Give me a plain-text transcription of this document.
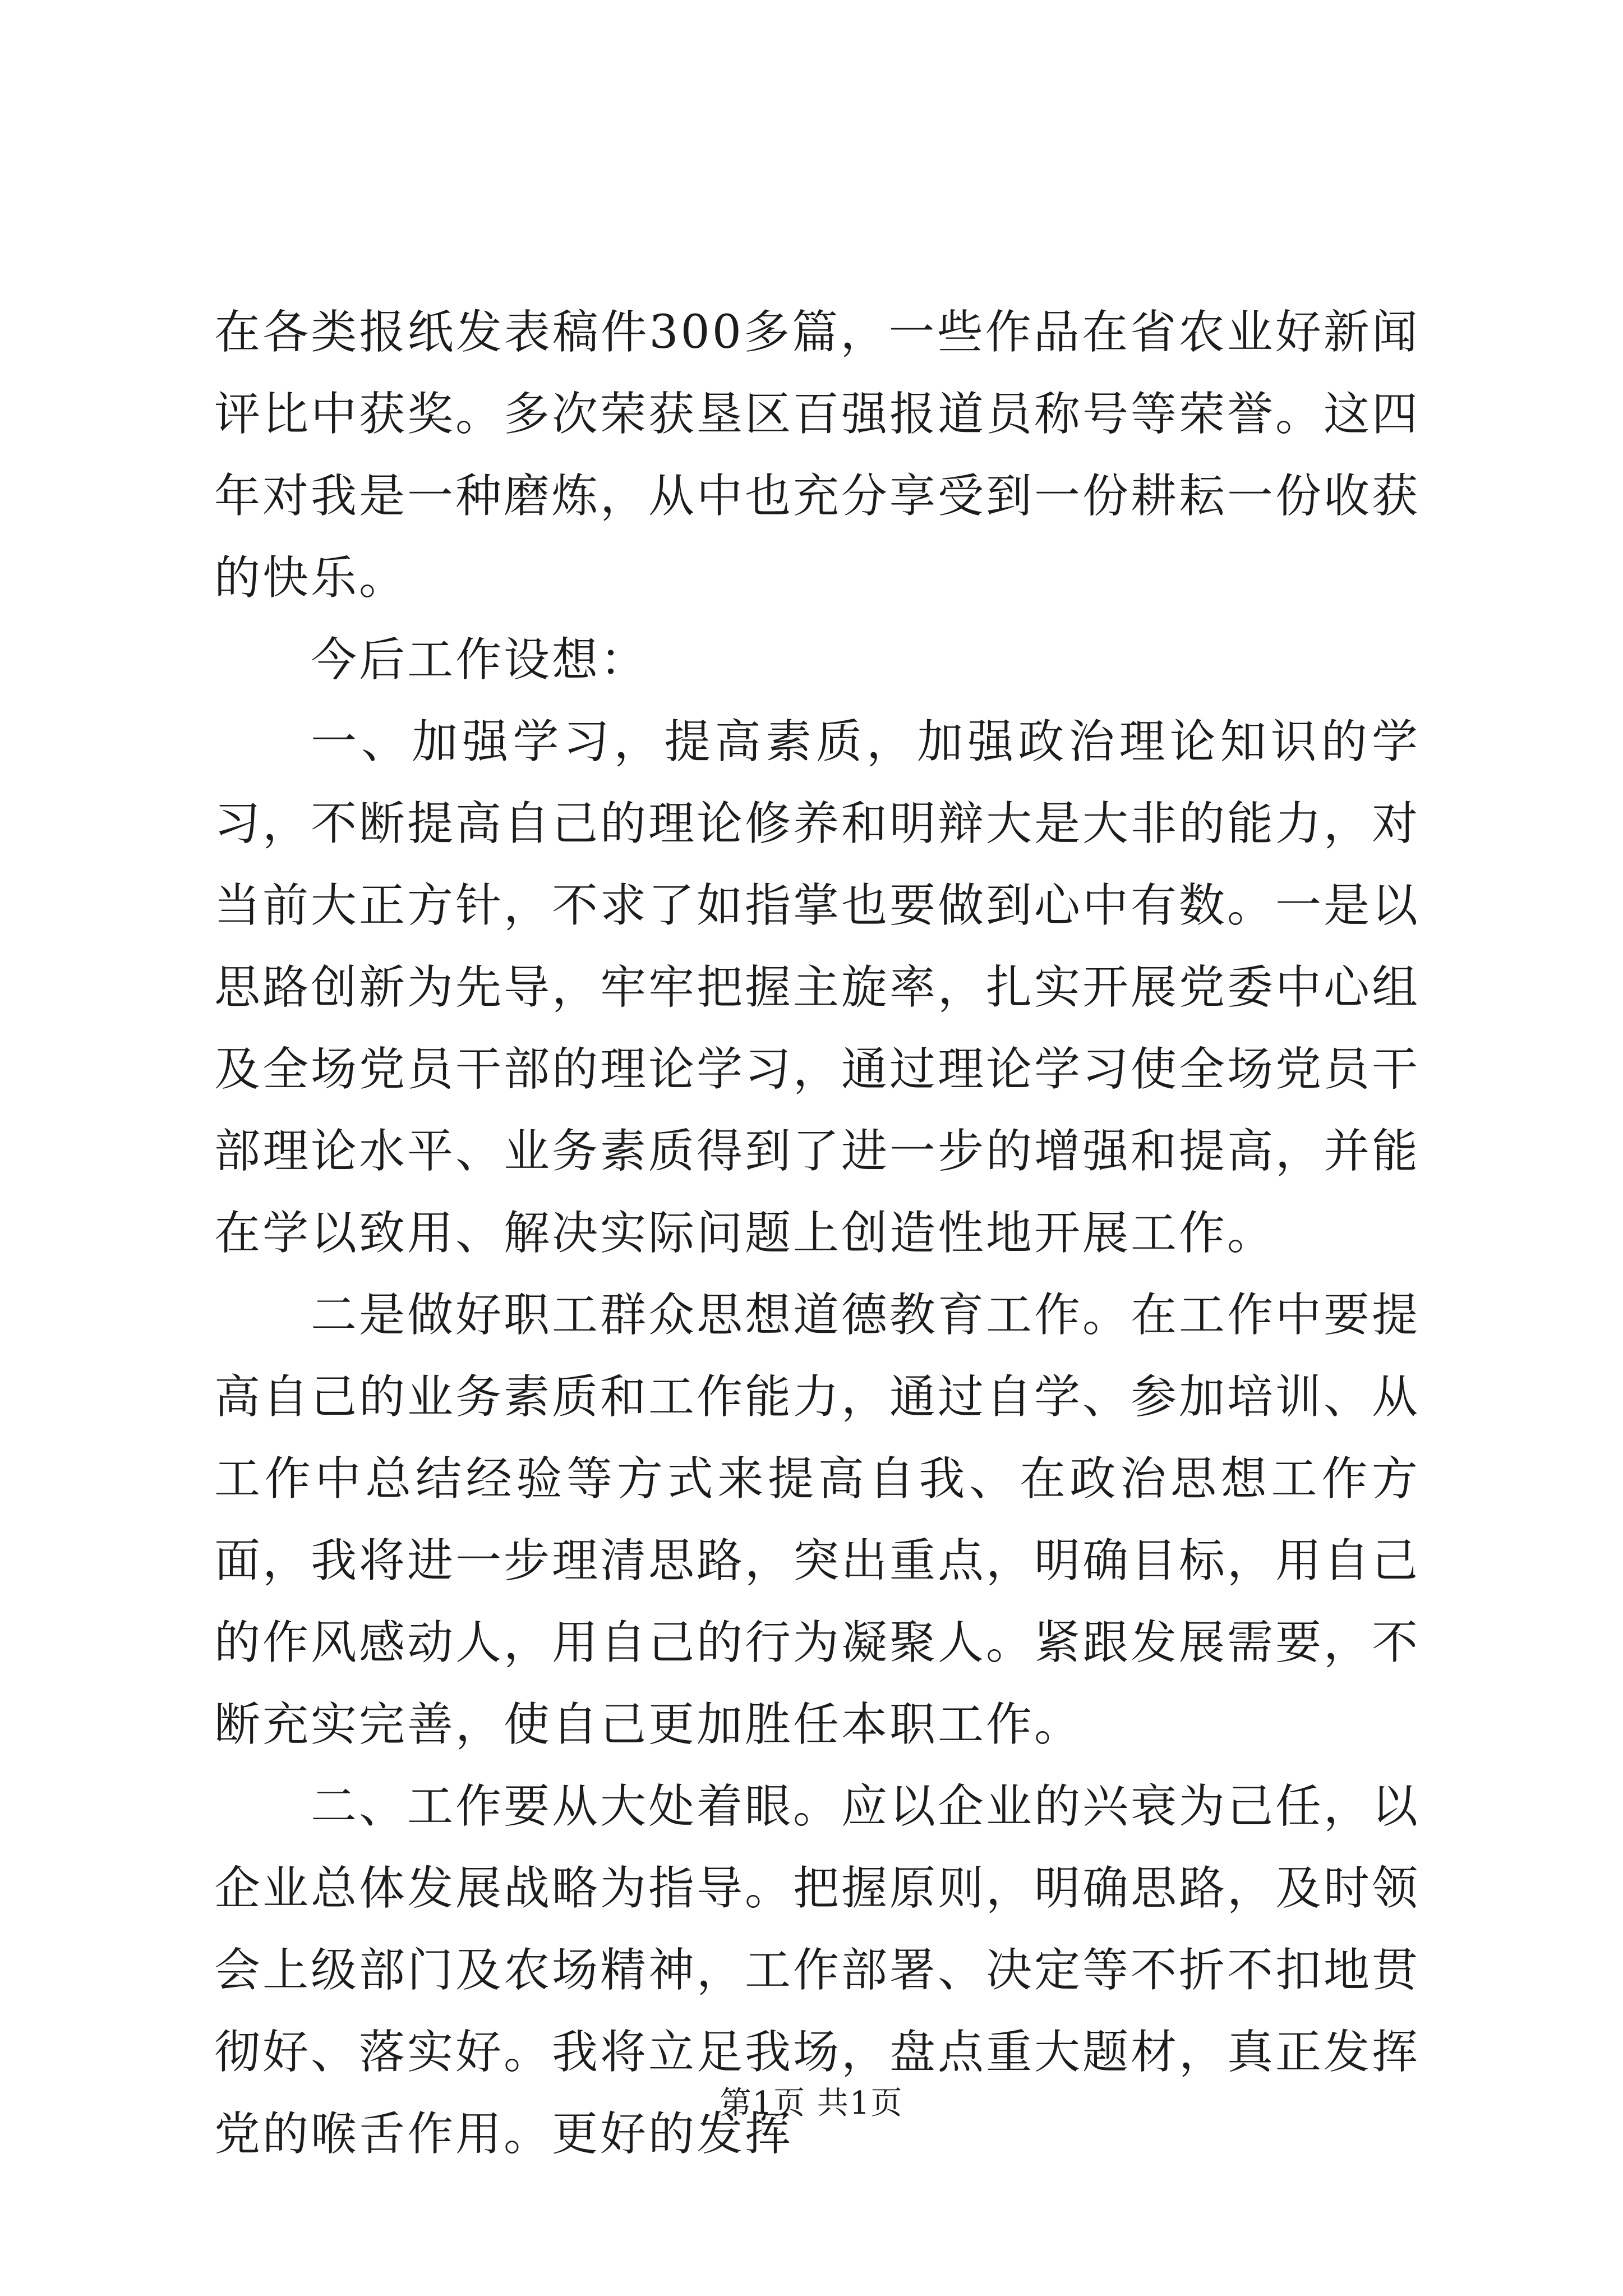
在各类报纸发表稿件300多篇，一些作品在省农业好新闻评比中获奖。多次荣获垦区百强报道员称号等荣誉。这四年对我是一种磨炼，从中也充分享受到一份耕耘一份收获的快乐。

今后工作设想：

一、加强学习，提高素质，加强政治理论知识的学习，不断提高自己的理论修养和明辩大是大非的能力，对当前大正方针，不求了如指掌也要做到心中有数。一是以思路创新为先导，牢牢把握主旋率，扎实开展党委中心组及全场党员干部的理论学习，通过理论学习使全场党员干部理论水平、业务素质得到了进一步的增强和提高，并能在学以致用、解决实际问题上创造性地开展工作。

二是做好职工群众思想道德教育工作。在工作中要提高自己的业务素质和工作能力，通过自学、参加培训、从工作中总结经验等方式来提高自我、在政治思想工作方面，我将进一步理清思路，突出重点，明确目标，用自己的作风感动人，用自己的行为凝聚人。紧跟发展需要，不断充实完善，使自己更加胜任本职工作。

二、工作要从大处着眼。应以企业的兴衰为己任，以企业总体发展战略为指导。把握原则，明确思路，及时领会上级部门及农场精神，工作部署、决定等不折不扣地贯彻好、落实好。我将立足我场，盘点重大题材，真正发挥党的喉舌作用。更好的发挥

第1页 共1页
